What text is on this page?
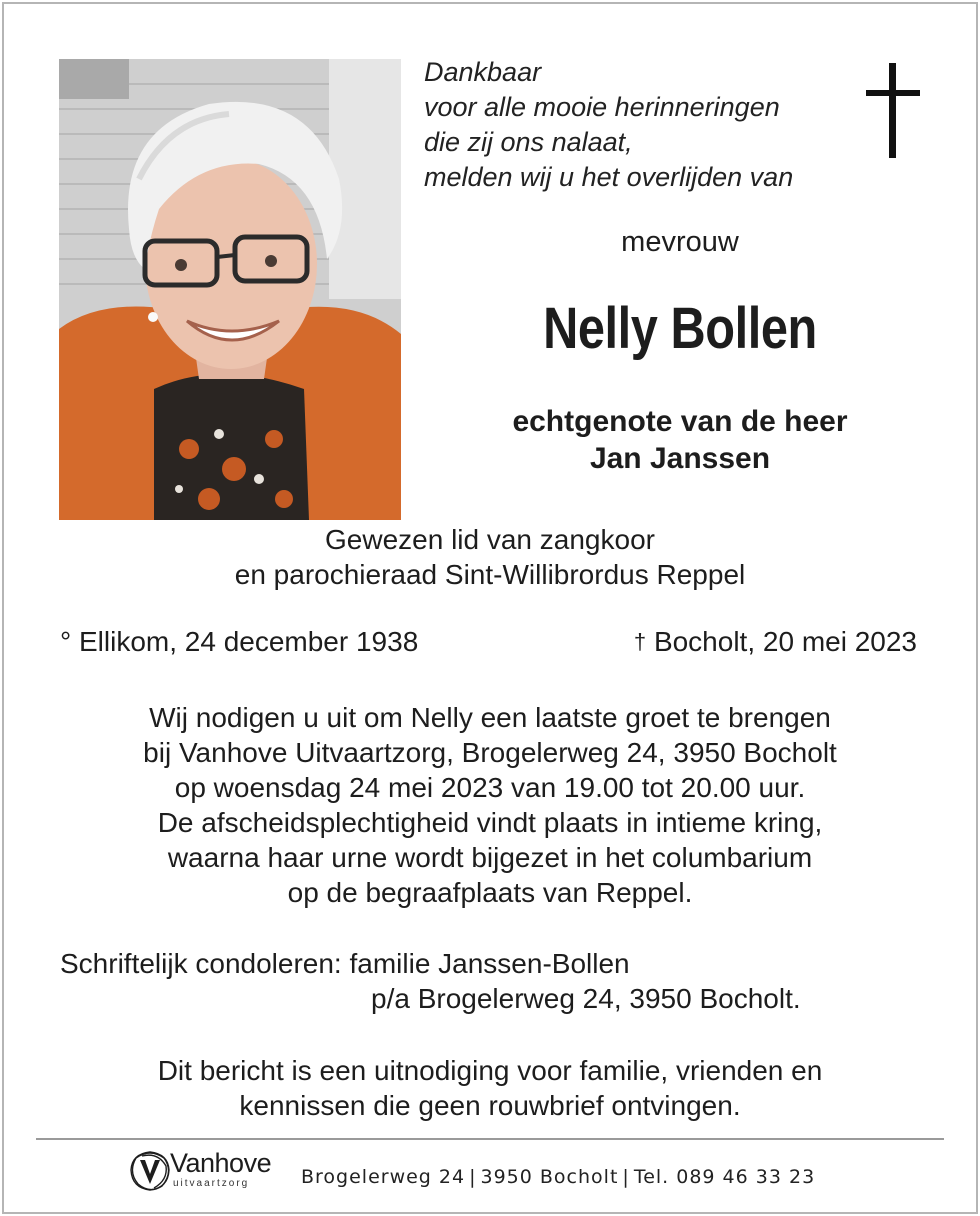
Dankbaar
voor alle mooie herinneringen
die zij ons nalaat,
melden wij u het overlijden van
mevrouw
Nelly Bollen
echtgenote van de heer
Jan Janssen
Gewezen lid van zangkoor
en parochieraad Sint-Willibrordus Reppel
° Ellikom, 24 december 1938	† Bocholt, 20 mei 2023
Wij nodigen u uit om Nelly een laatste groet te brengen
bij Vanhove Uitvaartzorg, Brogelerweg 24, 3950 Bocholt
op woensdag 24 mei 2023 van 19.00 tot 20.00 uur.
De afscheidsplechtigheid vindt plaats in intieme kring,
waarna haar urne wordt bijgezet in het columbarium
op de begraafplaats van Reppel.
Schriftelijk condoleren: familie Janssen-Bollen
p/a Brogelerweg 24, 3950 Bocholt.
Dit bericht is een uitnodiging voor familie, vrienden en
kennissen die geen rouwbrief ontvingen.
Vanhove
uitvaartzorg	Brogelerweg 24 | 3950 Bocholt | Tel. 089 46 33 23
